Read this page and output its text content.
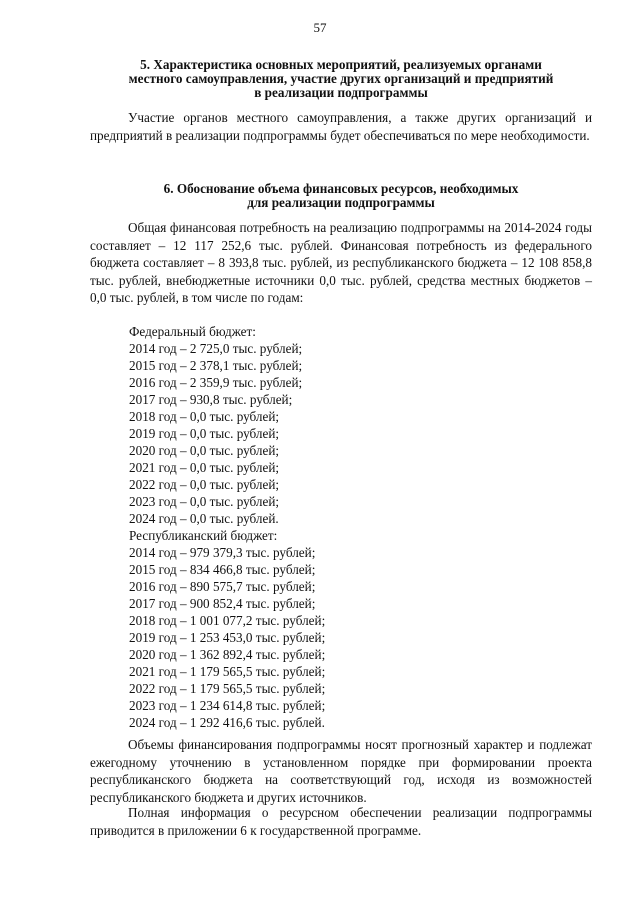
57
5. Характеристика основных мероприятий, реализуемых органами
местного самоуправления, участие других организаций и предприятий
в реализации подпрограммы

Участие органов местного самоуправления, а также других организаций и предприятий в реализации подпрограммы будет обеспечиваться по мере необходимости.

6. Обоснование объема финансовых ресурсов, необходимых
для реализации подпрограммы

Общая финансовая потребность на реализацию подпрограммы на 2014-2024 годы составляет – 12 117 252,6 тыс. рублей. Финансовая потребность из федерального бюджета составляет – 8 393,8 тыс. рублей, из республиканского бюджета – 12 108 858,8 тыс. рублей, внебюджетные источники 0,0 тыс. рублей, средства местных бюджетов – 0,0 тыс. рублей, в том числе по годам:

Федеральный бюджет:
2014 год – 2 725,0 тыс. рублей;
2015 год – 2 378,1 тыс. рублей;
2016 год – 2 359,9 тыс. рублей;
2017 год – 930,8 тыс. рублей;
2018 год – 0,0 тыс. рублей;
2019 год – 0,0 тыс. рублей;
2020 год – 0,0 тыс. рублей;
2021 год – 0,0 тыс. рублей;
2022 год – 0,0 тыс. рублей;
2023 год – 0,0 тыс. рублей;
2024 год – 0,0 тыс. рублей.
Республиканский бюджет:
2014 год – 979 379,3 тыс. рублей;
2015 год – 834 466,8 тыс. рублей;
2016 год – 890 575,7 тыс. рублей;
2017 год – 900 852,4 тыс. рублей;
2018 год – 1 001 077,2 тыс. рублей;
2019 год – 1 253 453,0 тыс. рублей;
2020 год – 1 362 892,4 тыс. рублей;
2021 год – 1 179 565,5 тыс. рублей;
2022 год – 1 179 565,5 тыс. рублей;
2023 год – 1 234 614,8 тыс. рублей;
2024 год – 1 292 416,6 тыс. рублей.

Объемы финансирования подпрограммы носят прогнозный характер и подлежат ежегодному уточнению в установленном порядке при формировании проекта республиканского бюджета на соответствующий год, исходя из возможностей республиканского бюджета и других источников.

Полная информация о ресурсном обеспечении реализации подпрограммы приводится в приложении 6 к государственной программе.
